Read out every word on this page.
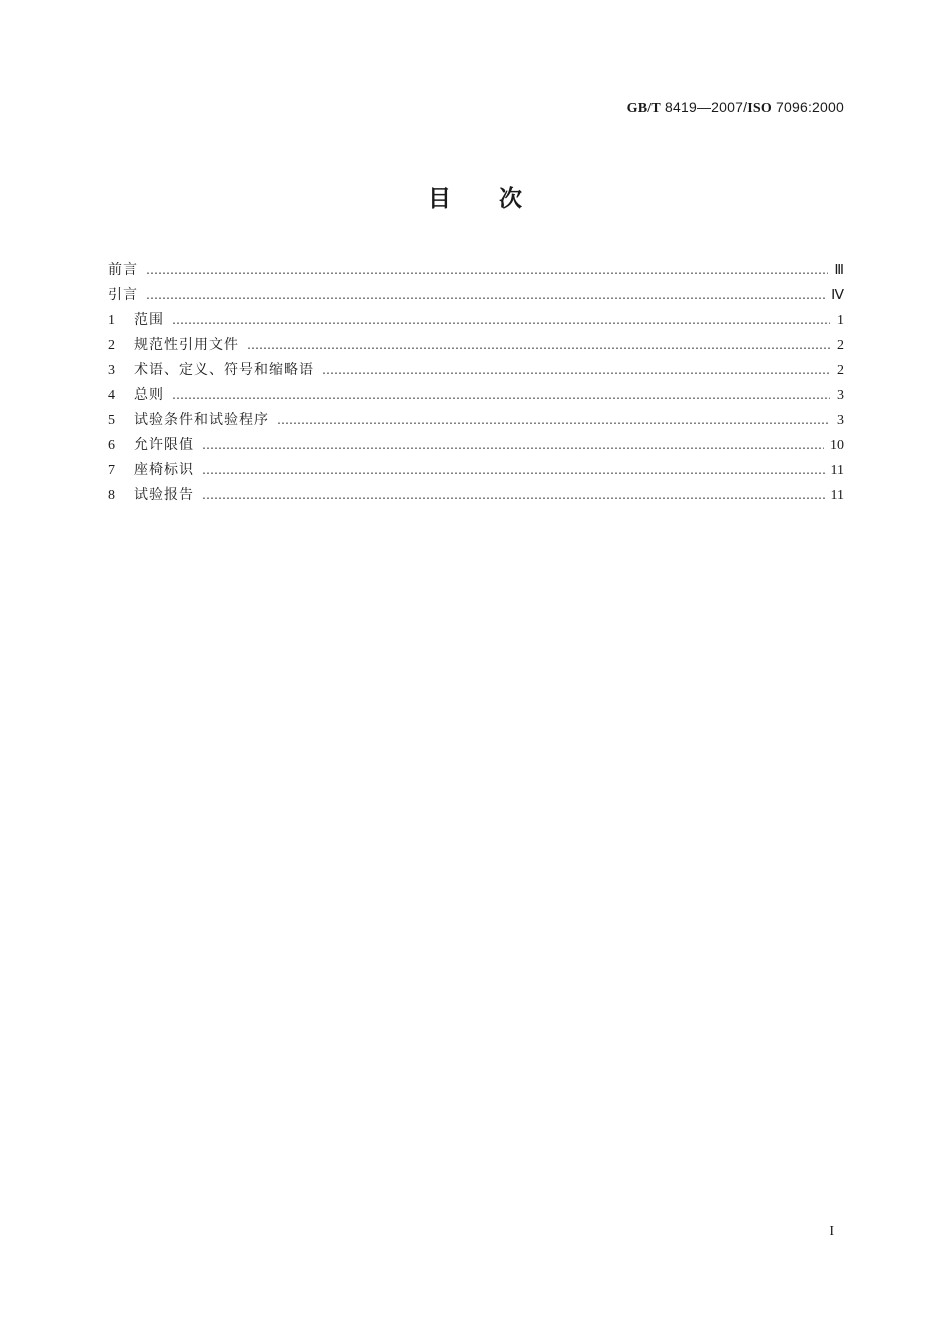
GB/T 8419—2007/ISO 7096:2000
目次
前言 …………………………………………………………………………………………………………………………………………………………………………………………………………………………	Ⅲ
引言 …………………………………………………………………………………………………………………………………………………………………………………………………………………………	Ⅳ
1	范围 …………………………………………………………………………………………………………………………………………………………………………………………………………………………	1
2	规范性引用文件 …………………………………………………………………………………………………………………………………………………………………………………………………………………………	2
3	术语、定义、符号和缩略语 …………………………………………………………………………………………………………………………………………………………………………………………………………………………	2
4	总则 …………………………………………………………………………………………………………………………………………………………………………………………………………………………	3
5	试验条件和试验程序 …………………………………………………………………………………………………………………………………………………………………………………………………………………………	3
6	允许限值 …………………………………………………………………………………………………………………………………………………………………………………………………………………………	10
7	座椅标识 …………………………………………………………………………………………………………………………………………………………………………………………………………………………	11
8	试验报告 …………………………………………………………………………………………………………………………………………………………………………………………………………………………	11
I
